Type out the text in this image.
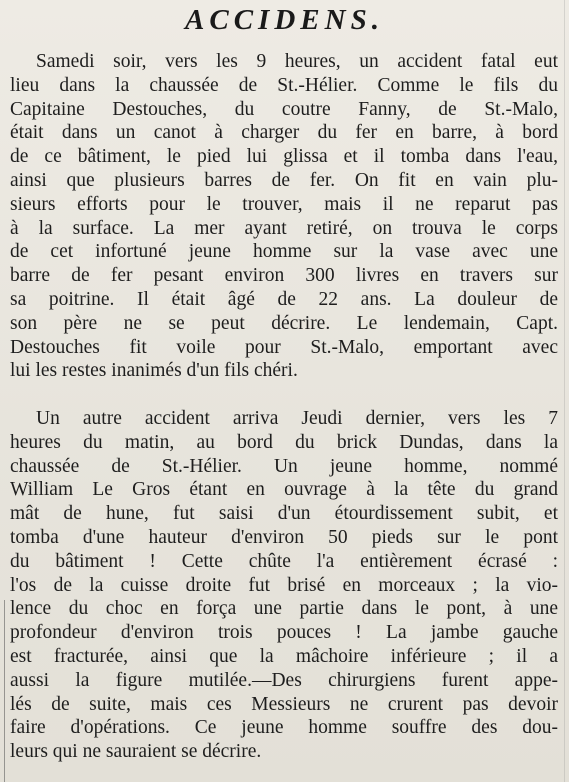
ACCIDENS.
Samedi soir, vers les 9 heures, un accident fatal eut
lieu dans la chaussée de St.-Hélier. Comme le fils du
Capitaine Destouches, du coutre Fanny, de St.-Malo,
était dans un canot à charger du fer en barre, à bord
de ce bâtiment, le pied lui glissa et il tomba dans l'eau,
ainsi que plusieurs barres de fer. On fit en vain plu-
sieurs efforts pour le trouver, mais il ne reparut pas
à la surface. La mer ayant retiré, on trouva le corps
de cet infortuné jeune homme sur la vase avec une
barre de fer pesant environ 300 livres en travers sur
sa poitrine. Il était âgé de 22 ans. La douleur de
son père ne se peut décrire. Le lendemain, Capt.
Destouches fit voile pour St.-Malo, emportant avec
lui les restes inanimés d'un fils chéri.
Un autre accident arriva Jeudi dernier, vers les 7
heures du matin, au bord du brick Dundas, dans la
chaussée de St.-Hélier. Un jeune homme, nommé
William Le Gros étant en ouvrage à la tête du grand
mât de hune, fut saisi d'un étourdissement subit, et
tomba d'une hauteur d'environ 50 pieds sur le pont
du bâtiment ! Cette chûte l'a entièrement écrasé :
l'os de la cuisse droite fut brisé en morceaux ; la vio-
lence du choc en força une partie dans le pont, à une
profondeur d'environ trois pouces ! La jambe gauche
est fracturée, ainsi que la mâchoire inférieure ; il a
aussi la figure mutilée.—Des chirurgiens furent appe-
lés de suite, mais ces Messieurs ne crurent pas devoir
faire d'opérations. Ce jeune homme souffre des dou-
leurs qui ne sauraient se décrire.
